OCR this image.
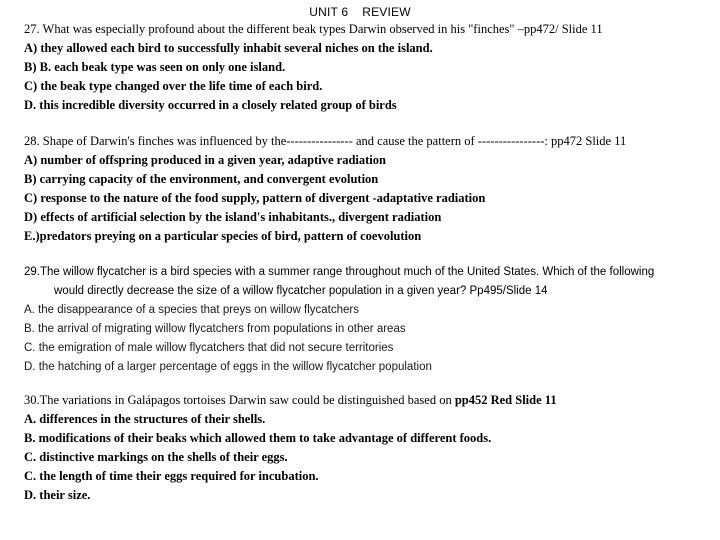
UNIT 6 REVIEW
27. What was especially profound about the different beak types Darwin observed in his "finches" –pp472/ Slide 11
A) they allowed each bird to successfully inhabit several niches on the island.
B) B. each beak type was seen on only one island.
C) the beak type changed over the life time of each bird.
D. this incredible diversity occurred in a closely related group of birds
28. Shape of Darwin's finches was influenced by the---------------- and cause the pattern of ----------------: pp472 Slide 11
A) number of offspring produced in a given year, adaptive radiation
B) carrying capacity of the environment, and convergent evolution
C) response to the nature of the food supply, pattern of divergent -adaptative radiation
D) effects of artificial selection by the island's inhabitants., divergent radiation
E.)predators preying on a particular species of bird, pattern of coevolution
29.The willow flycatcher is a bird species with a summer range throughout much of the United States. Which of the following
would directly decrease the size of a willow flycatcher population in a given year? Pp495/Slide 14
A. the disappearance of a species that preys on willow flycatchers
B. the arrival of migrating willow flycatchers from populations in other areas
C. the emigration of male willow flycatchers that did not secure territories
D. the hatching of a larger percentage of eggs in the willow flycatcher population
30.The variations in Galápagos tortoises Darwin saw could be distinguished based on pp452 Red Slide 11
A. differences in the structures of their shells.
B. modifications of their beaks which allowed them to take advantage of different foods.
C. distinctive markings on the shells of their eggs.
C. the length of time their eggs required for incubation.
D. their size.
